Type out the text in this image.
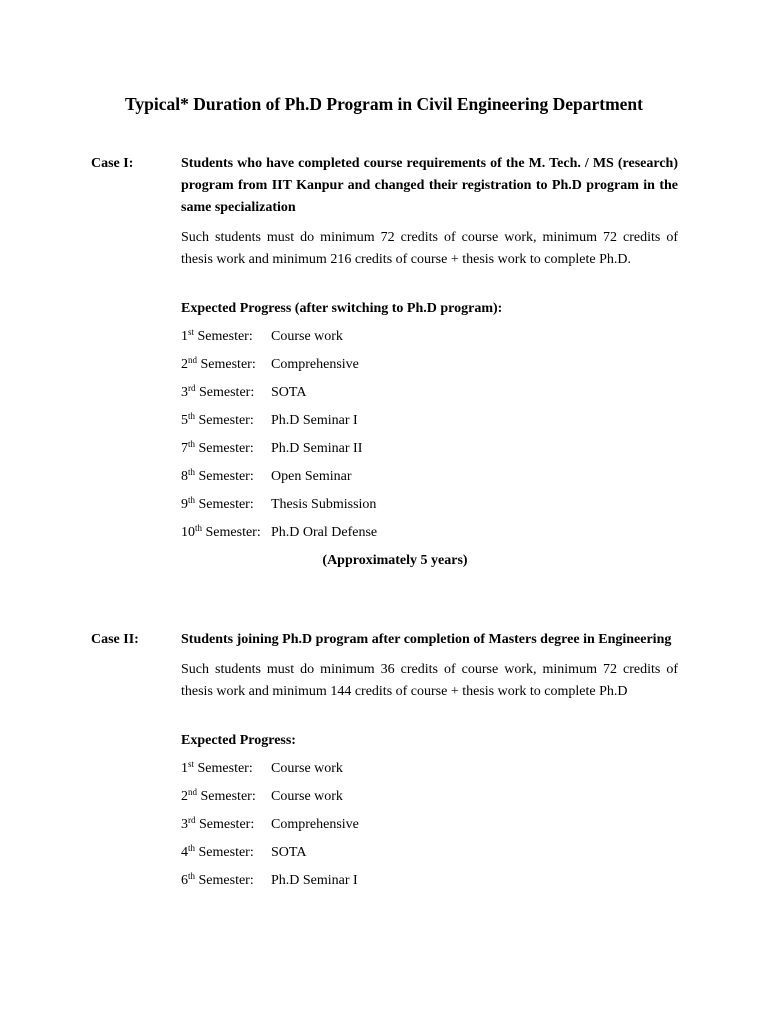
Typical* Duration of Ph.D Program in Civil Engineering Department
Case I:	Students who have completed course requirements of the M. Tech. / MS (research) program from IIT Kanpur and changed their registration to Ph.D program in the same specialization

Such students must do minimum 72 credits of course work, minimum 72 credits of thesis work and minimum 216 credits of course + thesis work to complete Ph.D.

Expected Progress (after switching to Ph.D program):

1st Semester: Course work
2nd Semester: Comprehensive
3rd Semester: SOTA
5th Semester: Ph.D Seminar I
7th Semester: Ph.D Seminar II
8th Semester: Open Seminar
9th Semester: Thesis Submission
10th Semester: Ph.D Oral Defense
(Approximately 5 years)
Case II:	Students joining Ph.D program after completion of Masters degree in Engineering

Such students must do minimum 36 credits of course work, minimum 72 credits of thesis work and minimum 144 credits of course + thesis work to complete Ph.D

Expected Progress:

1st Semester: Course work
2nd Semester: Course work
3rd Semester: Comprehensive
4th Semester: SOTA
6th Semester: Ph.D Seminar I
